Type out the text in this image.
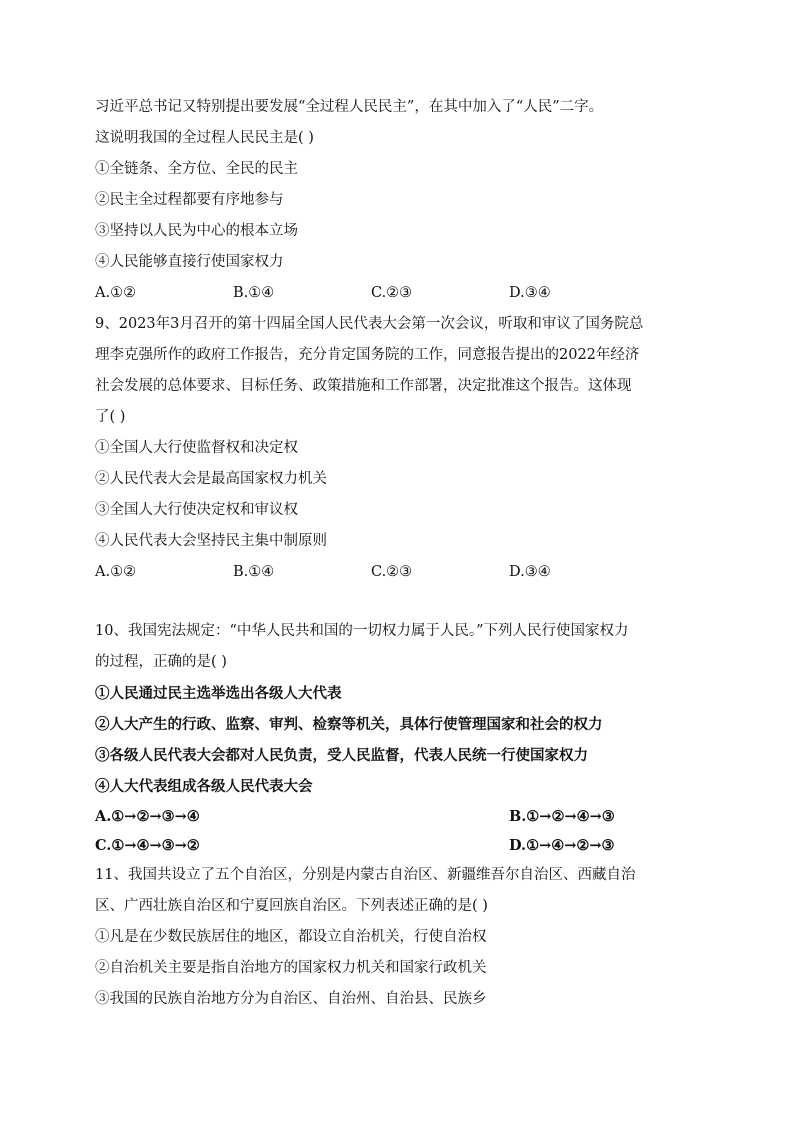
习近平总书记又特别提出要发展“全过程人民民主”，在其中加入了“人民”二字。
这说明我国的全过程人民民主是( )
①全链条、全方位、全民的民主
②民主全过程都要有序地参与
③坚持以人民为中心的根本立场
④人民能够直接行使国家权力
A.①②	B.①④	C.②③	D.③④
9、2023年3月召开的第十四届全国人民代表大会第一次会议，听取和审议了国务院总
理李克强所作的政府工作报告，充分肯定国务院的工作，同意报告提出的2022年经济
社会发展的总体要求、目标任务、政策措施和工作部署，决定批准这个报告。这体现
了( )
①全国人大行使监督权和决定权
②人民代表大会是最高国家权力机关
③全国人大行使决定权和审议权
④人民代表大会坚持民主集中制原则
A.①②	B.①④	C.②③	D.③④
10、我国宪法规定：“中华人民共和国的一切权力属于人民。”下列人民行使国家权力
的过程，正确的是( )
①人民通过民主选举选出各级人大代表
②人大产生的行政、监察、审判、检察等机关，具体行使管理国家和社会的权力
③各级人民代表大会都对人民负责，受人民监督，代表人民统一行使国家权力
④人大代表组成各级人民代表大会
A.①→②→③→④	B.①→②→④→③
C.①→④→③→②	D.①→④→②→③
11、我国共设立了五个自治区，分别是内蒙古自治区、新疆维吾尔自治区、西藏自治
区、广西壮族自治区和宁夏回族自治区。下列表述正确的是( )
①凡是在少数民族居住的地区，都设立自治机关，行使自治权
②自治机关主要是指自治地方的国家权力机关和国家行政机关
③我国的民族自治地方分为自治区、自治州、自治县、民族乡
